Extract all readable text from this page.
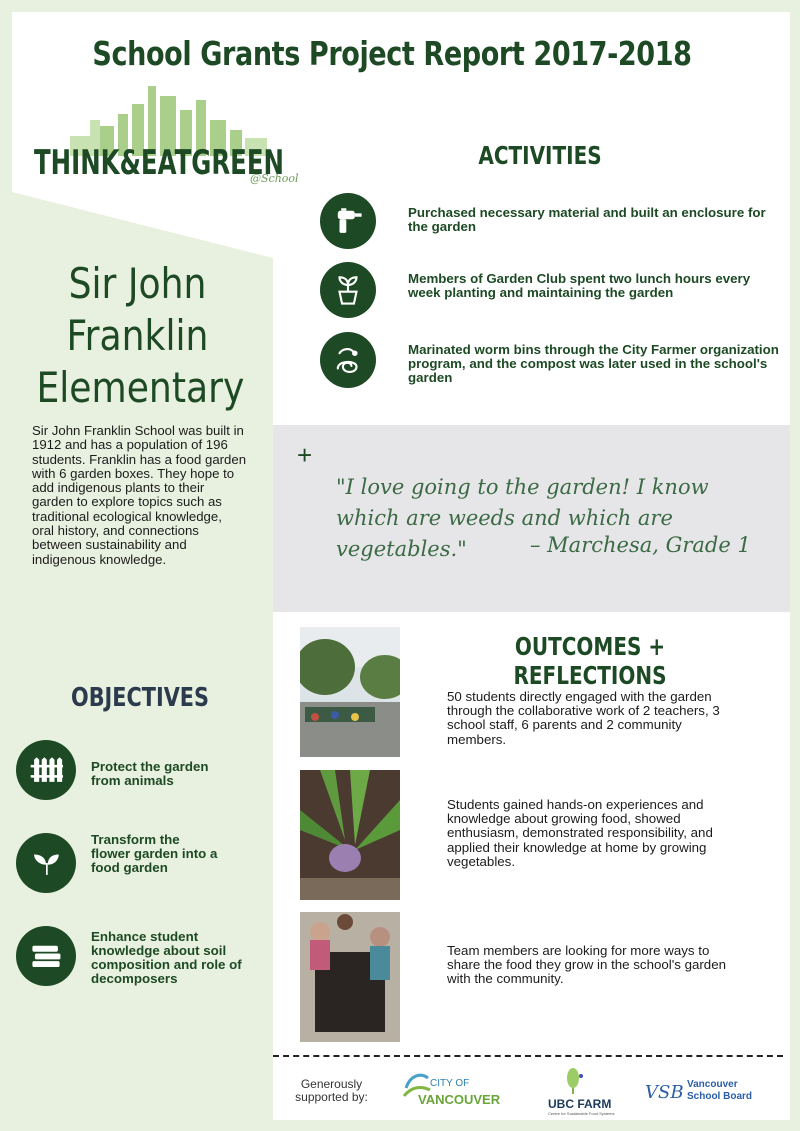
School Grants Project Report 2017-2018
THINK&EATGREEN
@School
Sir John
Franklin
Elementary
Sir John Franklin School was built in 1912 and has a population of 196 students. Franklin has a food garden with 6 garden boxes. They hope to add indigenous plants to their garden to explore topics such as traditional ecological knowledge, oral history, and connections between sustainability and indigenous knowledge.
OBJECTIVES
Protect the garden from animals
Transform the flower garden into a food garden
Enhance student knowledge about soil composition and role of decomposers
ACTIVITIES
Purchased necessary material and built an enclosure for the garden
Members of Garden Club spent two lunch hours every week planting and maintaining the garden
Marinated worm bins through the City Farmer organization program, and the compost was later used in the school's garden
+
"I love going to the garden! I know which are weeds and which are vegetables."	– Marchesa, Grade 1
OUTCOMES + REFLECTIONS
50 students directly engaged with the garden through the collaborative work of 2 teachers, 3 school staff, 6 parents and 2 community members.
Students gained hands-on experiences and knowledge about growing food, showed enthusiasm, demonstrated responsibility, and applied their knowledge at home by growing vegetables.
Team members are looking for more ways to share the food they grow in the school's garden with the community.
Generously supported by:
CITY OF
VANCOUVER	UBC FARM
Centre for Sustainable Food Systems
VSB Vancouver
School Board
